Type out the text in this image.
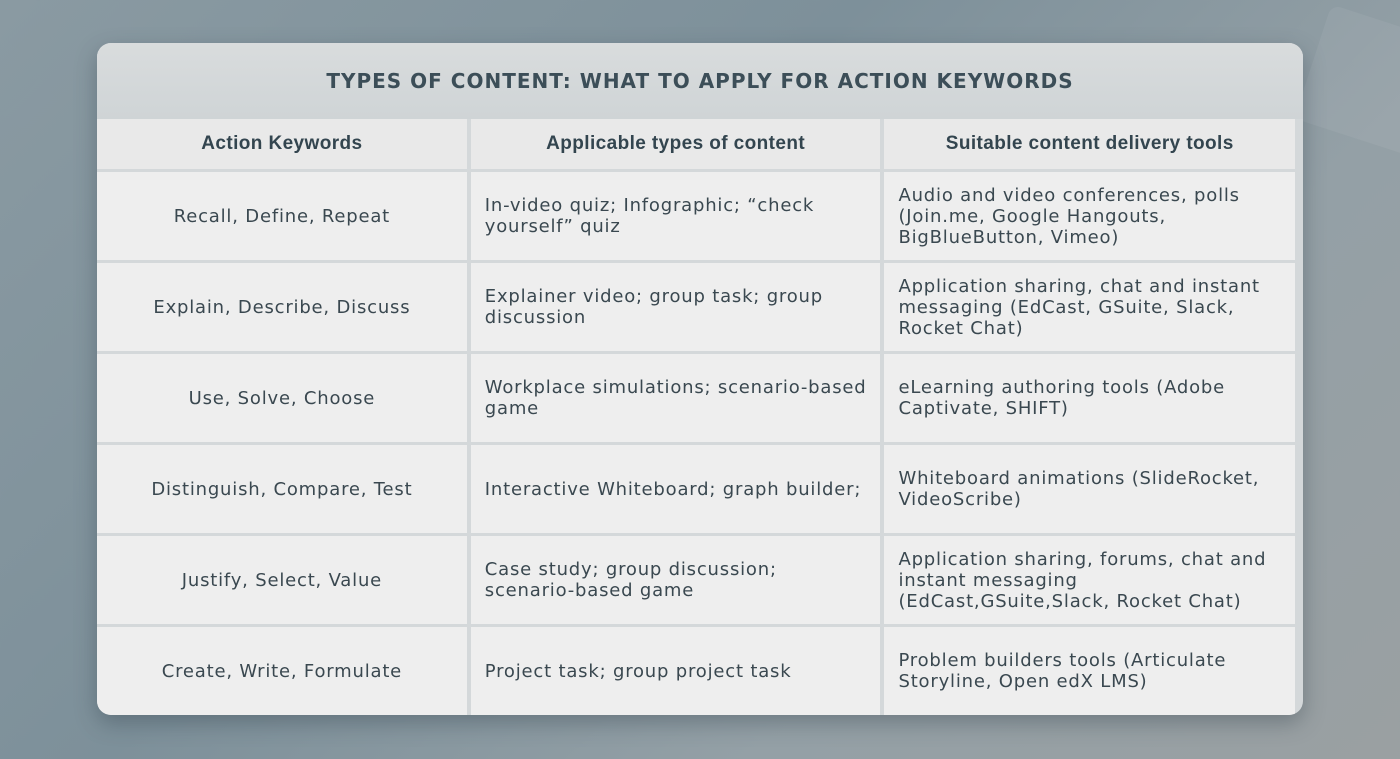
TYPES OF CONTENT: WHAT TO APPLY FOR ACTION KEYWORDS
Action Keywords	Applicable types of content	Suitable content delivery tools
Recall, Define, Repeat	In-video quiz; Infographic; “check yourself” quiz	Audio and video conferences, polls (Join.me, Google Hangouts, BigBlueButton, Vimeo)
Explain, Describe, Discuss	Explainer video; group task; group discussion	Application sharing, chat and instant messaging (EdCast, GSuite, Slack, Rocket Chat)
Use, Solve, Choose	Workplace simulations; scenario-based game	eLearning authoring tools (Adobe Captivate, SHIFT)
Distinguish, Compare, Test	Interactive Whiteboard; graph builder;	Whiteboard animations (SlideRocket, VideoScribe)
Justify, Select, Value	Case study; group discussion; scenario-based game	Application sharing, forums, chat and instant messaging (EdCast,GSuite,Slack, Rocket Chat)
Create, Write, Formulate	Project task; group project task	Problem builders tools (Articulate Storyline, Open edX LMS)
